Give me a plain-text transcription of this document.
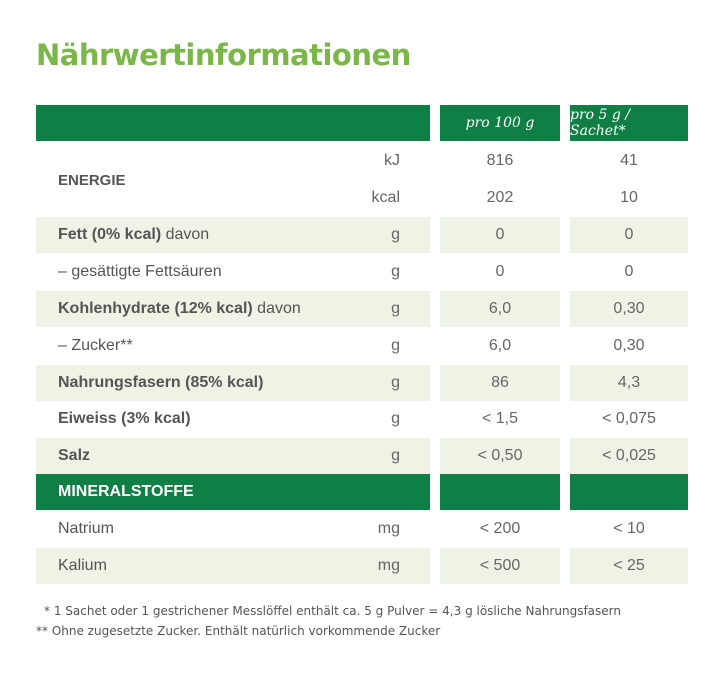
Nährwertinformationen
pro 100 g	pro 5 g / Sachet*
ENERGIE
kJ	816	41
kcal	202	10
Fett (0% kcal) davon	g	0	0
– gesättigte Fettsäuren	g	0	0
Kohlenhydrate (12% kcal) davon	g	6,0	0,30
– Zucker**	g	6,0	0,30
Nahrungsfasern (85% kcal)	g	86	4,3
Eiweiss (3% kcal)	g	< 1,5	< 0,075
Salz	g	< 0,50	< 0,025
MINERALSTOFFE
Natrium	mg	< 200	< 10
Kalium	mg	< 500	< 25
* 1 Sachet oder 1 gestrichener Messlöffel enthält ca. 5 g Pulver = 4,3 g lösliche Nahrungsfasern
** Ohne zugesetzte Zucker. Enthält natürlich vorkommende Zucker
